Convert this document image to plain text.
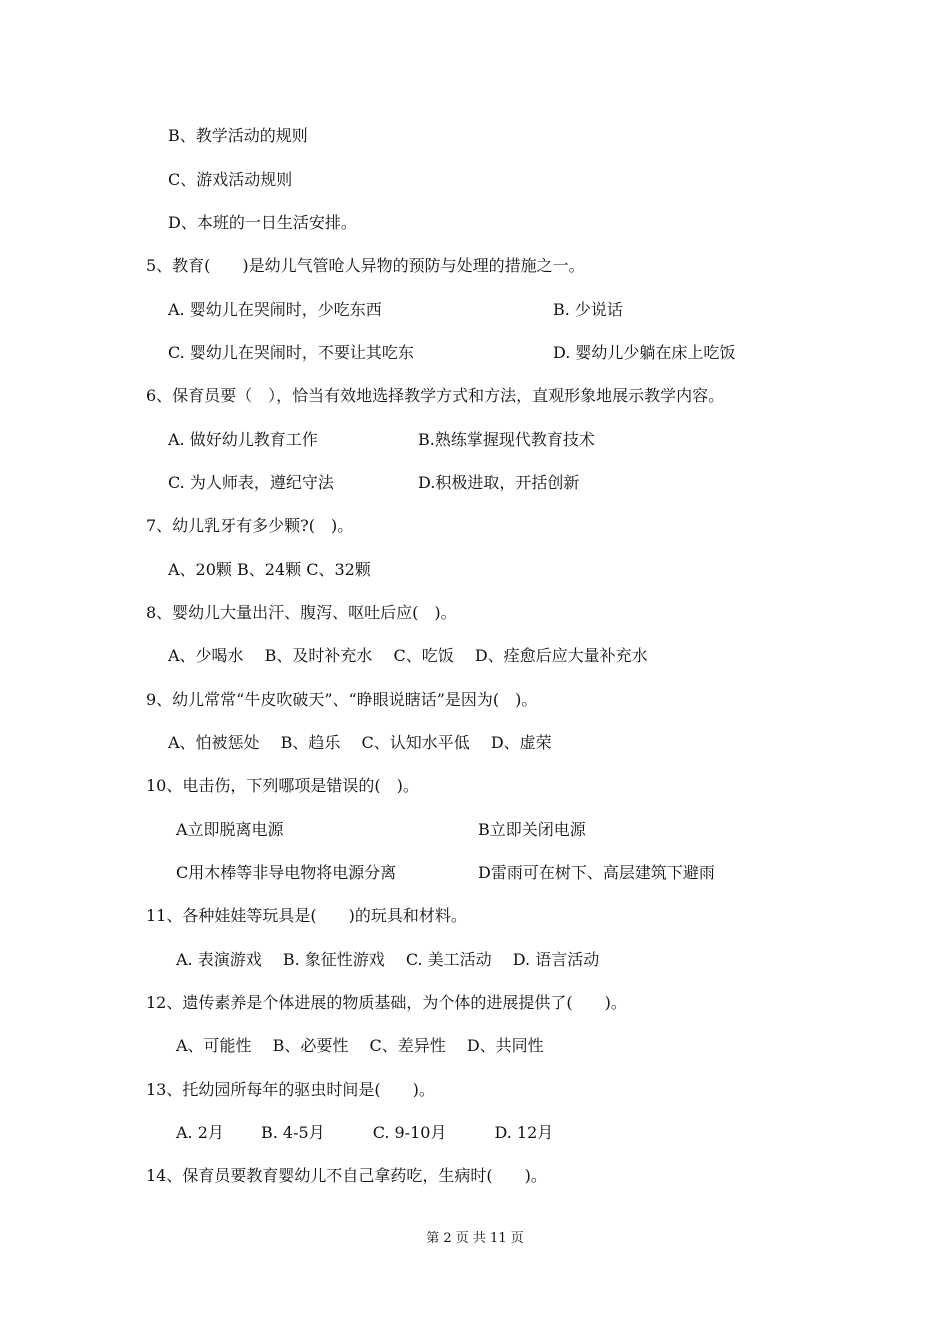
B、教学活动的规则
C、游戏活动规则
D、本班的一日生活安排。
5、教育(　　)是幼儿气管呛人异物的预防与处理的措施之一。
A. 婴幼儿在哭闹时，少吃东西	B. 少说话
C. 婴幼儿在哭闹时，不要让其吃东	D. 婴幼儿少躺在床上吃饭
6、保育员要（　），恰当有效地选择教学方式和方法，直观形象地展示教学内容。
A. 做好幼儿教育工作	B.熟练掌握现代教育技术
C. 为人师表，遵纪守法	D.积极进取，开括创新
7、幼儿乳牙有多少颗?(　)。
A、20颗 B、24颗 C、32颗
8、婴幼儿大量出汗、腹泻、呕吐后应(　)。
A、少喝水　 B、及时补充水　 C、吃饭　 D、痊愈后应大量补充水
9、幼儿常常“牛皮吹破天”、“睁眼说瞎话”是因为(　)。
A、怕被惩处　 B、趋乐　 C、认知水平低　 D、虚荣
10、电击伤，下列哪项是错误的(　)。
A立即脱离电源	B立即关闭电源
C用木棒等非导电物将电源分离	D雷雨可在树下、高层建筑下避雨
11、各种娃娃等玩具是(　　)的玩具和材料。
A. 表演游戏　 B. 象征性游戏　 C. 美工活动　 D. 语言活动
12、遗传素养是个体进展的物质基础，为个体的进展提供了(　　)。
A、可能性　 B、必要性　 C、差异性　 D、共同性
13、托幼园所每年的驱虫时间是(　　)。
A. 2月　　 B. 4-5月　　　C. 9-10月　　　D. 12月
14、保育员要教育婴幼儿不自己拿药吃，生病时(　　)。
第 2 页 共 11 页
